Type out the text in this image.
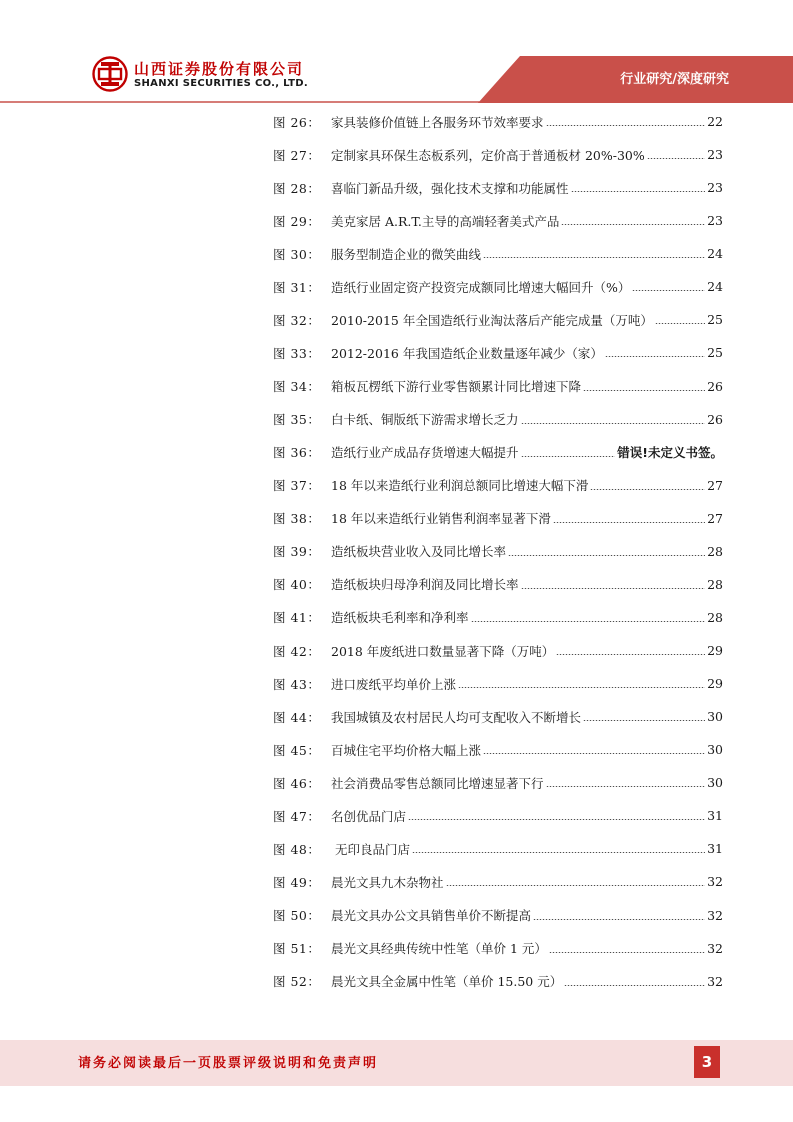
山西证券股份有限公司
SHANXI SECURITIES CO., LTD.	行业研究/深度研究
图 26： 家具装修价值链上各服务环节效率要求	22
图 27： 定制家具环保生态板系列，定价高于普通板材 20%-30%	23
图 28： 喜临门新品升级，强化技术支撑和功能属性	23
图 29： 美克家居 A.R.T.主导的高端轻奢美式产品	23
图 30： 服务型制造企业的微笑曲线	24
图 31： 造纸行业固定资产投资完成额同比增速大幅回升（%）	24
图 32： 2010-2015 年全国造纸行业淘汰落后产能完成量（万吨）	25
图 33： 2012-2016 年我国造纸企业数量逐年减少（家）	25
图 34： 箱板瓦楞纸下游行业零售额累计同比增速下降	26
图 35： 白卡纸、铜版纸下游需求增长乏力	26
图 36： 造纸行业产成品存货增速大幅提升	错误!未定义书签。
图 37： 18 年以来造纸行业利润总额同比增速大幅下滑	27
图 38： 18 年以来造纸行业销售利润率显著下滑	27
图 39： 造纸板块营业收入及同比增长率	28
图 40： 造纸板块归母净利润及同比增长率	28
图 41： 造纸板块毛利率和净利率	28
图 42： 2018 年废纸进口数量显著下降（万吨）	29
图 43： 进口废纸平均单价上涨	29
图 44： 我国城镇及农村居民人均可支配收入不断增长	30
图 45： 百城住宅平均价格大幅上涨	30
图 46： 社会消费品零售总额同比增速显著下行	30
图 47： 名创优品门店	31
图 48： 无印良品门店	31
图 49： 晨光文具九木杂物社	32
图 50： 晨光文具办公文具销售单价不断提高	32
图 51： 晨光文具经典传统中性笔（单价 1 元）	32
图 52： 晨光文具全金属中性笔（单价 15.50 元）	32
请务必阅读最后一页股票评级说明和免责声明	3
